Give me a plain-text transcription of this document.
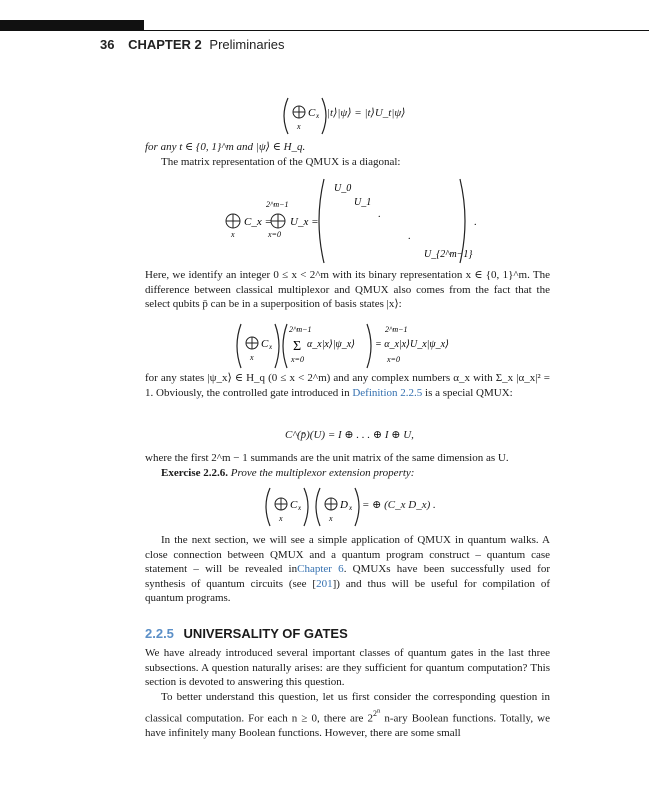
36 CHAPTER 2 Preliminaries
x
C x |t⟩|ψ⟩ = |t⟩U_t|ψ⟩
for any t ∈ {0, 1}^m and |ψ⟩ ∈ H_q.
The matrix representation of the QMUX is a diagonal:
x
2^m−1
x=0
C_x = U_x =
U_0
U_1
.
.
U_{2^m−1}
.
Here, we identify an integer 0 ≤ x < 2^m with its binary representation x ∈ {0, 1}^m. The difference between classical multiplexor and QMUX also comes from the fact that the select qubits p̄ can be in a superposition of basis states |x⟩:
x
C x
2^m−1
Σ
x=0
α_x|x⟩|ψ_x⟩
2^m−1
x=0
= α_x|x⟩U_x|ψ_x⟩
for any states |ψ_x⟩ ∈ H_q (0 ≤ x < 2^m) and any complex numbers α_x with Σ_x |α_x|² = 1. Obviously, the controlled gate introduced in Definition 2.2.5 is a special QMUX:
C^(p̄)(U) = I ⊕ . . . ⊕ I ⊕ U,
where the first 2^m − 1 summands are the unit matrix of the same dimension as U.
Exercise 2.2.6. Prove the multiplexor extension property:
x
C x
x
D x = ⊕ (C_x D_x) .
In the next section, we will see a simple application of QMUX in quantum walks. A close connection between QMUX and a quantum program construct – quantum case statement – will be revealed inChapter 6. QMUXs have been successfully used for synthesis of quantum circuits (see [201]) and thus will be useful for compilation of quantum programs.
2.2.5 UNIVERSALITY OF GATES
We have already introduced several important classes of quantum gates in the last three subsections. A question naturally arises: are they sufficient for quantum computation? This section is devoted to answering this question.
To better understand this question, let us first consider the corresponding question in classical computation. For each n ≥ 0, there are $2^{2^n}$ n-ary Boolean functions. Totally, we have infinitely many Boolean functions. However, there are some small
